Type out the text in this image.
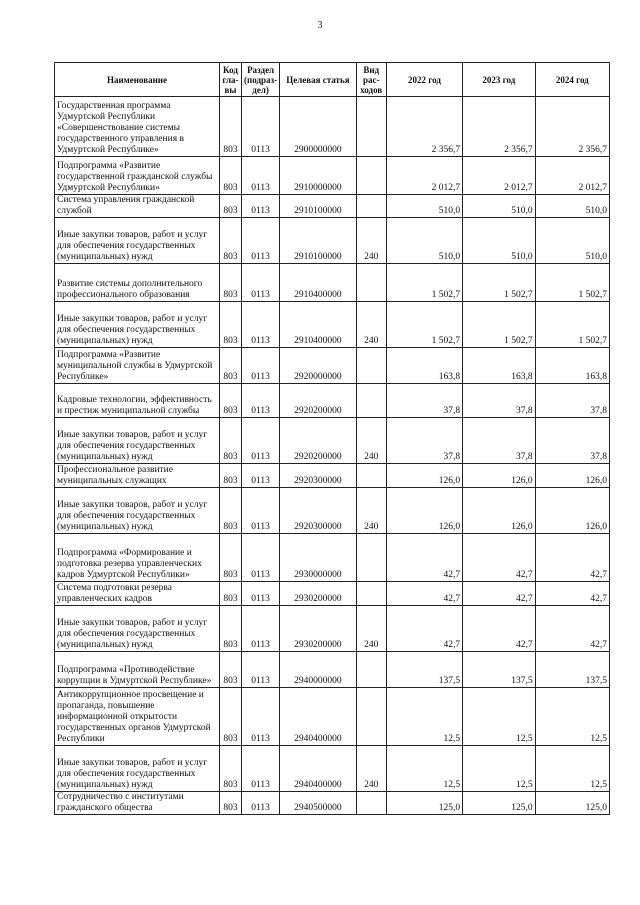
3
Наименование	Код гла- вы	Раздел (подраз- дел)	Целевая статья	Вид рас- ходов	2022 год	2023 год	2024 год
Государственная программа Удмуртской Республики «Совершенствование системы государственного управления в Удмуртской Республике»	803	0113	2900000000		2 356,7	2 356,7	2 356,7
Подпрограмма «Развитие государственной гражданской службы Удмуртской Республики»	803	0113	2910000000		2 012,7	2 012,7	2 012,7
Система управления гражданской службой	803	0113	2910100000		510,0	510,0	510,0
Иные закупки товаров, работ и услуг для обеспечения государственных (муниципальных) нужд	803	0113	2910100000	240	510,0	510,0	510,0
Развитие системы дополнительного профессионального образования	803	0113	2910400000		1 502,7	1 502,7	1 502,7
Иные закупки товаров, работ и услуг для обеспечения государственных (муниципальных) нужд	803	0113	2910400000	240	1 502,7	1 502,7	1 502,7
Подпрограмма «Развитие муниципальной службы в Удмуртской Республике»	803	0113	2920000000		163,8	163,8	163,8
Кадровые технологии, эффективность и престиж муниципальной службы	803	0113	2920200000		37,8	37,8	37,8
Иные закупки товаров, работ и услуг для обеспечения государственных (муниципальных) нужд	803	0113	2920200000	240	37,8	37,8	37,8
Профессиональное развитие муниципальных служащих	803	0113	2920300000		126,0	126,0	126,0
Иные закупки товаров, работ и услуг для обеспечения государственных (муниципальных) нужд	803	0113	2920300000	240	126,0	126,0	126,0
Подпрограмма «Формирование и подготовка резерва управленческих кадров Удмуртской Республики»	803	0113	2930000000		42,7	42,7	42,7
Система подготовки резерва управленческих кадров	803	0113	2930200000		42,7	42,7	42,7
Иные закупки товаров, работ и услуг для обеспечения государственных (муниципальных) нужд	803	0113	2930200000	240	42,7	42,7	42,7
Подпрограмма «Противодействие коррупции в Удмуртской Республике»	803	0113	2940000000		137,5	137,5	137,5
Антикоррупционное просвещение и пропаганда, повышение информационной открытости государственных органов Удмуртской Республики	803	0113	2940400000		12,5	12,5	12,5
Иные закупки товаров, работ и услуг для обеспечения государственных (муниципальных) нужд	803	0113	2940400000	240	12,5	12,5	12,5
Сотрудничество с институтами гражданского общества	803	0113	2940500000		125,0	125,0	125,0
